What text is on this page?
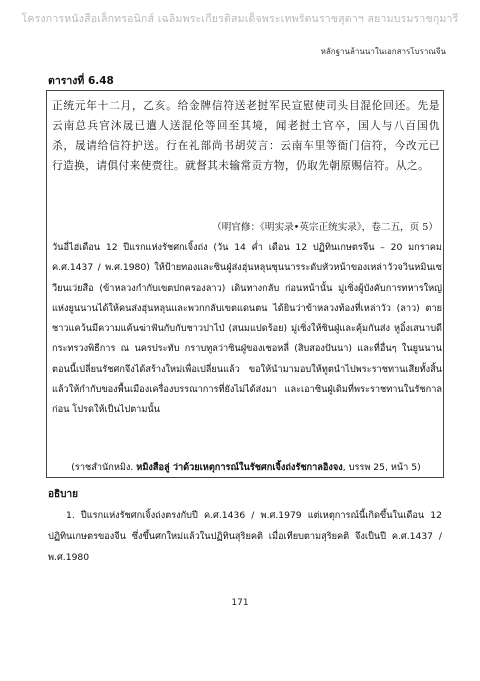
โครงการหนังสือเล็กทรอนิกส์ เฉลิมพระเกียรติสมเด็จพระเทพรัตนราชสุดาฯ สยามบรมราชกุมารี
หลักฐานล้านนาในเอกสารโบราณจีน
ตารางที่ 6.48

正统元年十二月，乙亥。给金牌信符送老挝军民宣慰使司头目混伦回还。先是云南总兵官沐晟已遣人送混伦等回至其境，闻老挝土官卒，国人与八百国仇杀，晟请给信符护送。行在礼部尚书胡荧言：云南车里等衙门信符，今改元已行造换，请俱付来使赍往。就督其未输常贡方物，仍取先朝原赐信符。从之。

（明官修：《明实录•英宗正统实录》，卷二五，页 5）

วันอี่ไฮ่เดือน 12 ปีแรกแห่งรัชศกเจิ้งถ่ง (วัน 14 ค่ำ เดือน 12 ปฏิทินเกษตรจีน – 20 มกราคม ค.ศ.1437 / พ.ศ.1980) ให้ป้ายทองและซินฝู่ส่งฮุ่นหลุนซุนนารระดับหัวหน้าของเหล่าวัวจวินหมินเซวียนเว่ยสือ (ข้าหลวงกำกับเขตปกครองลาว) เดินทางกลับ ก่อนหน้านั้น มู่เซิ่งผู้บังคับการทหารใหญ่แห่งยูนนานได้ให้คนส่งฮุ่นหลุนและพวกกลับเขตแดนตน ได้ยินว่าข้าหลวงท้องที่เหล่าวัว (ลาว) ตาย ชาวแคว้นมีความแค้นฆ่าฟันกับกับชาวปาไป่ (สนมแปดร้อย) มู่เซิ่งให้ซินฝู่และคุ้มกันส่ง หูอิ๋งเสนาบดีกระทรวงพิธีการ ณ นครประทับ กราบทูลว่าซินฝู่ของเชอหลี่ (สิบสองปันนา) และที่อื่นๆ ในยูนนาน ตอนนี้เปลี่ยนรัชศกจึงได้สร้างใหม่เพื่อเปลี่ยนแล้ว ขอให้นำมามอบให้ทูตนำไปพระราชทานเสียทั้งสิ้น แล้วให้กำกับของพื้นเมืองเครื่องบรรณาการที่ยังไม่ได้ส่งมา และเอาซินฝู่เดิมที่พระราชทานในรัชกาลก่อน โปรดให้เป็นไปตามนั้น

(ราชสำนักหมิง. หมิงสือลู่ ว่าด้วยเหตุการณ์ในรัชศกเจิ้งถ่งรัชกาลอิงจง, บรรพ 25, หน้า 5)
อธิบาย

1. ปีแรกแห่งรัชศกเจิ้งถ่งตรงกับปี ค.ศ.1436 / พ.ศ.1979 แต่เหตุการณ์นี้เกิดขึ้นในเดือน 12 ปฏิทินเกษตรของจีน ซึ่งขึ้นศกใหม่แล้วในปฏิทินสุริยคติ เมื่อเทียบตามสุริยคติ จึงเป็นปี ค.ศ.1437 / พ.ศ.1980

171
